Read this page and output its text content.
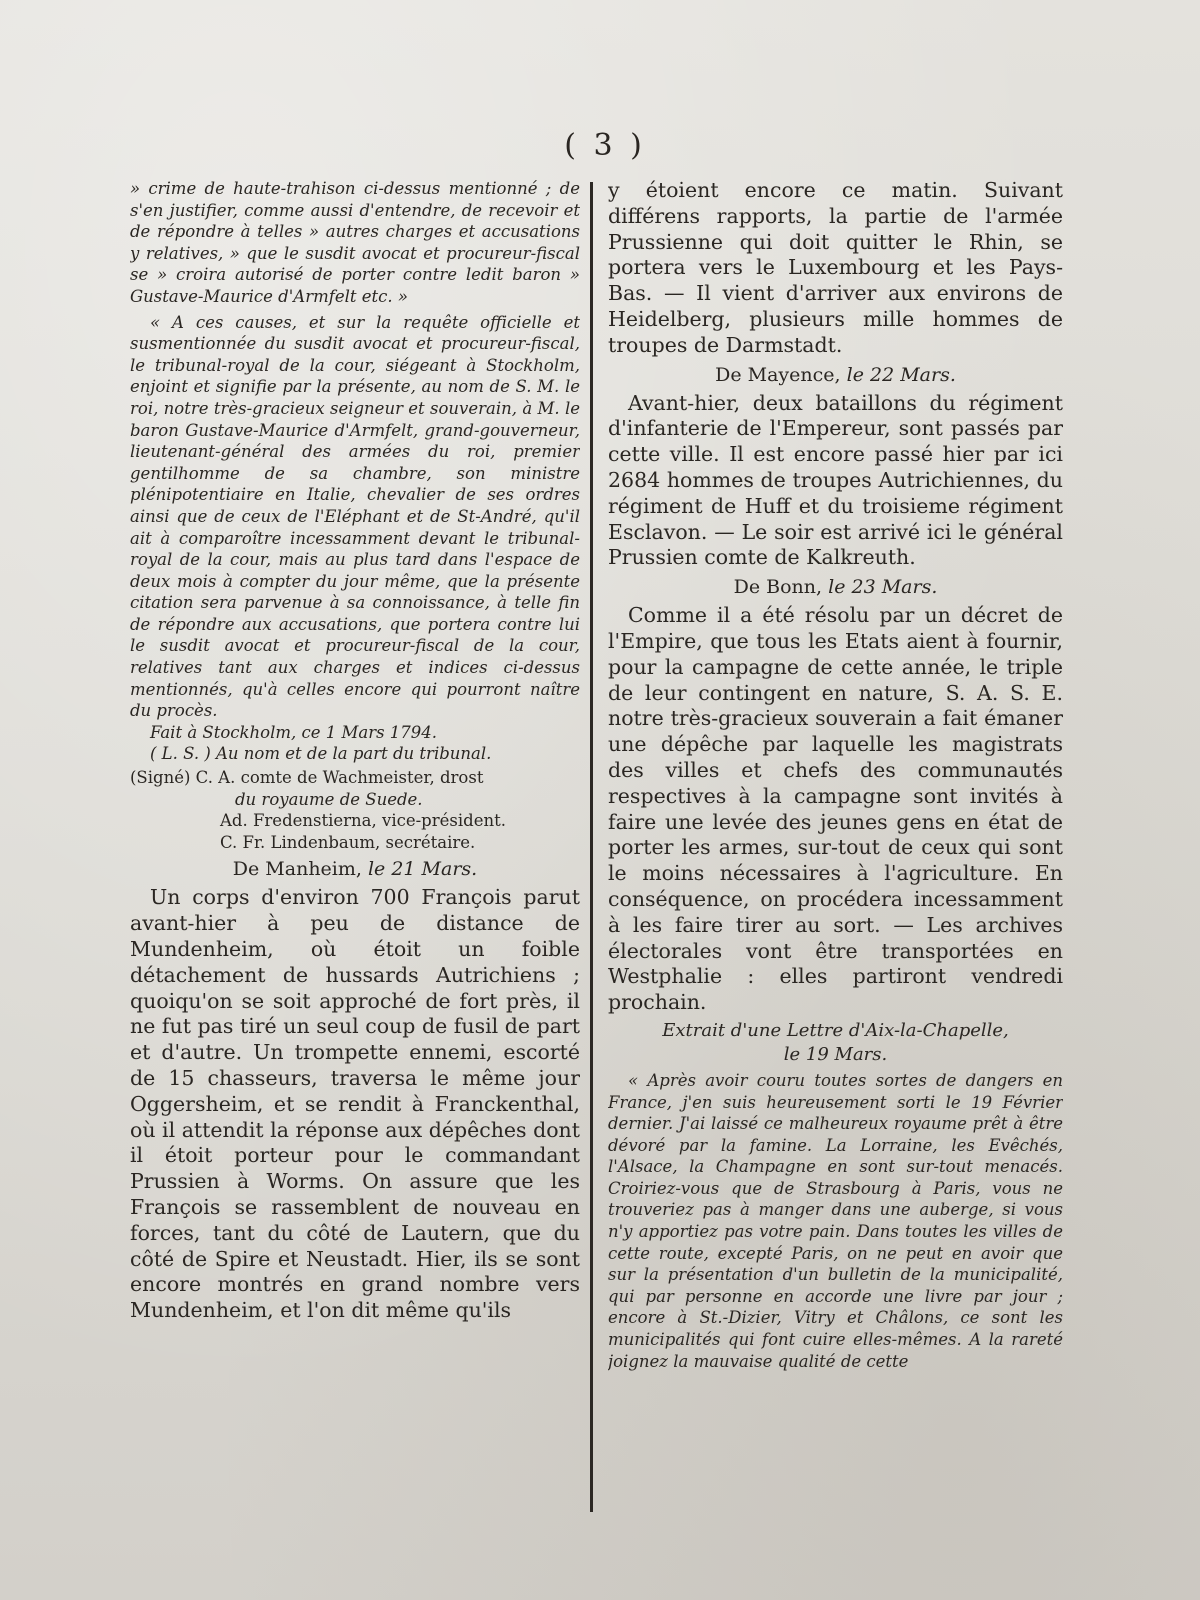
( 3 )

» crime de haute-trahison ci-dessus mentionné ; de s'en justifier, comme aussi d'entendre, de recevoir et de répondre à telles » autres charges et accusations y relatives, » que le susdit avocat et procureur-fiscal se » croira autorisé de porter contre ledit baron » Gustave-Maurice d'Armfelt etc. »

« A ces causes, et sur la requête officielle et susmentionnée du susdit avocat et procureur-fiscal, le tribunal-royal de la cour, siégeant à Stockholm, enjoint et signifie par la présente, au nom de S. M. le roi, notre très-gracieux seigneur et souverain, à M. le baron Gustave-Maurice d'Armfelt, grand-gouverneur, lieutenant-général des armées du roi, premier gentilhomme de sa chambre, son ministre plénipotentiaire en Italie, chevalier de ses ordres ainsi que de ceux de l'Eléphant et de St-André, qu'il ait à comparoître incessamment devant le tribunal-royal de la cour, mais au plus tard dans l'espace de deux mois à compter du jour même, que la présente citation sera parvenue à sa connoissance, à telle fin de répondre aux accusations, que portera contre lui le susdit avocat et procureur-fiscal de la cour, relatives tant aux charges et indices ci-dessus mentionnés, qu'à celles encore qui pourront naître du procès.

Fait à Stockholm, ce 1 Mars 1794.

( L. S. ) Au nom et de la part du tribunal.

(Signé) C. A. comte de Wachmeister, drost
du royaume de Suede.
Ad. Fredenstierna, vice-président.
C. Fr. Lindenbaum, secrétaire.
De Manheim, le 21 Mars.

Un corps d'environ 700 François parut avant-hier à peu de distance de Mundenheim, où étoit un foible détachement de hussards Autrichiens ; quoiqu'on se soit approché de fort près, il ne fut pas tiré un seul coup de fusil de part et d'autre. Un trompette ennemi, escorté de 15 chasseurs, traversa le même jour Oggersheim, et se rendit à Franckenthal, où il attendit la réponse aux dépêches dont il étoit porteur pour le commandant Prussien à Worms. On assure que les François se rassemblent de nouveau en forces, tant du côté de Lautern, que du côté de Spire et Neustadt. Hier, ils se sont encore montrés en grand nombre vers Mundenheim, et l'on dit même qu'ils

y étoient encore ce matin. Suivant différens rapports, la partie de l'armée Prussienne qui doit quitter le Rhin, se portera vers le Luxembourg et les Pays-Bas. — Il vient d'arriver aux environs de Heidelberg, plusieurs mille hommes de troupes de Darmstadt.

De Mayence, le 22 Mars.

Avant-hier, deux bataillons du régiment d'infanterie de l'Empereur, sont passés par cette ville. Il est encore passé hier par ici 2684 hommes de troupes Autrichiennes, du régiment de Huff et du troisieme régiment Esclavon. — Le soir est arrivé ici le général Prussien comte de Kalkreuth.

De Bonn, le 23 Mars.

Comme il a été résolu par un décret de l'Empire, que tous les Etats aient à fournir, pour la campagne de cette année, le triple de leur contingent en nature, S. A. S. E. notre très-gracieux souverain a fait émaner une dépêche par laquelle les magistrats des villes et chefs des communautés respectives à la campagne sont invités à faire une levée des jeunes gens en état de porter les armes, sur-tout de ceux qui sont le moins nécessaires à l'agriculture. En conséquence, on procédera incessamment à les faire tirer au sort. — Les archives électorales vont être transportées en Westphalie : elles partiront vendredi prochain.

Extrait d'une Lettre d'Aix-la-Chapelle,
le 19 Mars.

« Après avoir couru toutes sortes de dangers en France, j'en suis heureusement sorti le 19 Février dernier. J'ai laissé ce malheureux royaume prêt à être dévoré par la famine. La Lorraine, les Evêchés, l'Alsace, la Champagne en sont sur-tout menacés. Croiriez-vous que de Strasbourg à Paris, vous ne trouveriez pas à manger dans une auberge, si vous n'y apportiez pas votre pain. Dans toutes les villes de cette route, excepté Paris, on ne peut en avoir que sur la présentation d'un bulletin de la municipalité, qui par personne en accorde une livre par jour ; encore à St.-Dizier, Vitry et Châlons, ce sont les municipalités qui font cuire elles-mêmes. A la rareté joignez la mauvaise qualité de cette
